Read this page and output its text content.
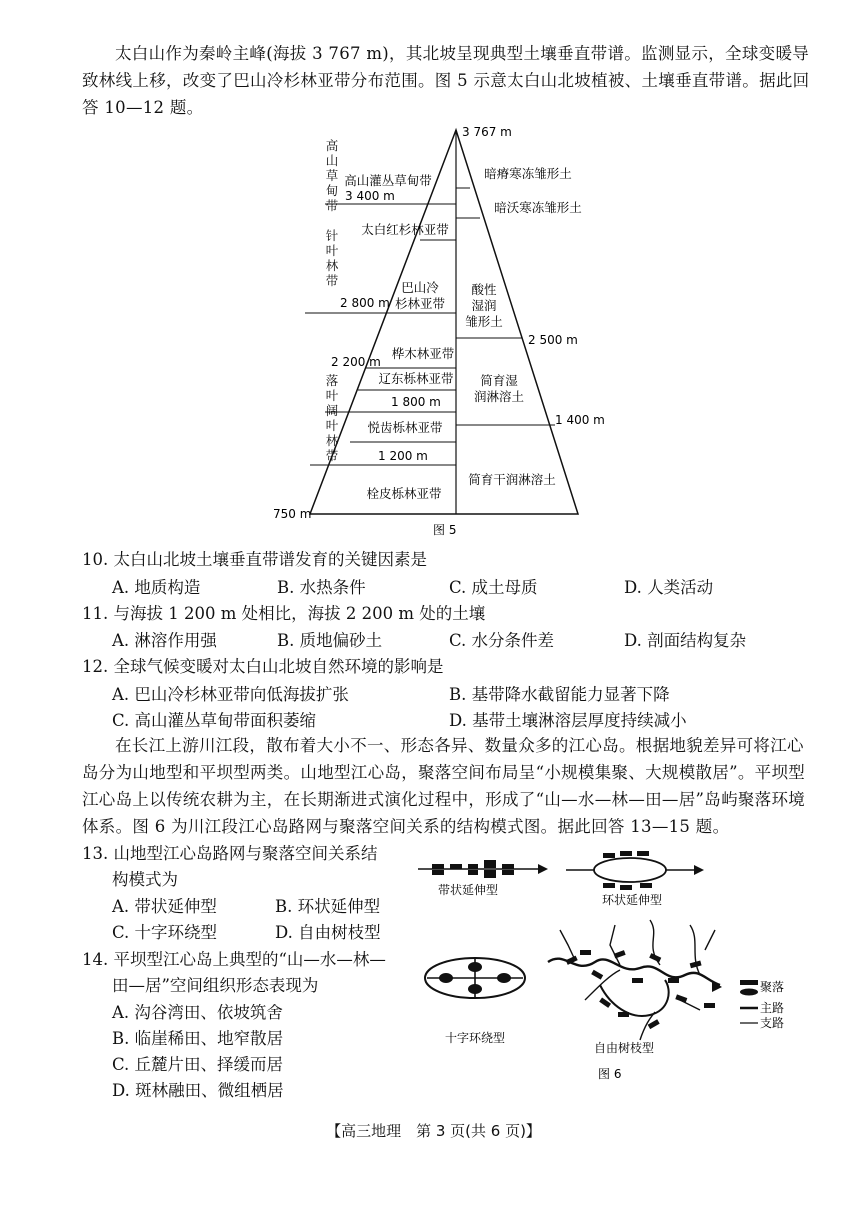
太白山作为秦岭主峰(海拔 3 767 m)，其北坡呈现典型土壤垂直带谱。监测显示，全球变暖导致林线上移，改变了巴山冷杉林亚带分布范围。图 5 示意太白山北坡植被、土壤垂直带谱。据此回答 10—12 题。
高山草甸带
针叶林带
落叶阔叶林带
3 767 m
高山灌丛草甸带
太白红杉林亚带
巴山冷杉林亚带
桦木林亚带
辽东栎林亚带
悦齿栎林亚带
栓皮栎林亚带
3 400 m
2 800 m
2 200 m
1 800 m
1 200 m
750 m
暗瘠寒冻雏形土
暗沃寒冻雏形土
酸性湿润雏形土
简育湿润淋溶土
简育干润淋溶土
2 500 m
1 400 m
图 5
10. 太白山北坡土壤垂直带谱发育的关键因素是
A. 地质构造	B. 水热条件	C. 成土母质	D. 人类活动
11. 与海拔 1 200 m 处相比，海拔 2 200 m 处的土壤
A. 淋溶作用强	B. 质地偏砂土	C. 水分条件差	D. 剖面结构复杂
12. 全球气候变暖对太白山北坡自然环境的影响是
A. 巴山冷杉林亚带向低海拔扩张	B. 基带降水截留能力显著下降
C. 高山灌丛草甸带面积萎缩	D. 基带土壤淋溶层厚度持续减小
在长江上游川江段，散布着大小不一、形态各异、数量众多的江心岛。根据地貌差异可将江心岛分为山地型和平坝型两类。山地型江心岛，聚落空间布局呈“小规模集聚、大规模散居”。平坝型江心岛上以传统农耕为主，在长期渐进式演化过程中，形成了“山—水—林—田—居”岛屿聚落环境体系。图 6 为川江段江心岛路网与聚落空间关系的结构模式图。据此回答 13—15 题。
13. 山地型江心岛路网与聚落空间关系结
构模式为
A. 带状延伸型	B. 环状延伸型
C. 十字环绕型	D. 自由树枝型
14. 平坝型江心岛上典型的“山—水—林—
田—居”空间组织形态表现为
A. 沟谷湾田、依坡筑舍
B. 临崖稀田、地窄散居
C. 丘麓片田、择缓而居
D. 斑林融田、微组栖居
带状延伸型
环状延伸型
十字环绕型
自由树枝型
聚落
主路
支路
图 6
【高三地理　第 3 页(共 6 页)】
